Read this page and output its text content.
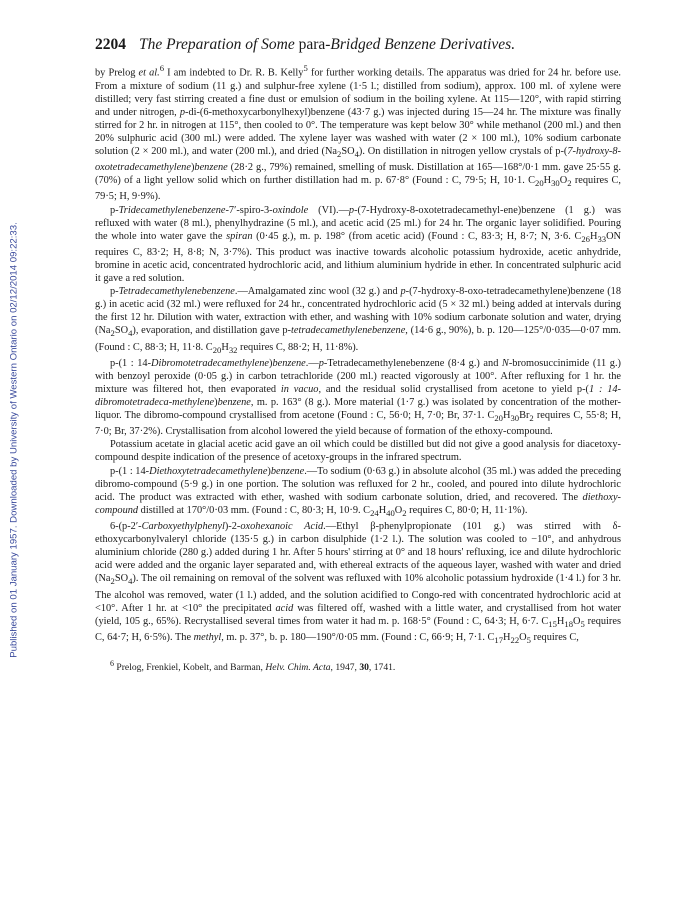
Published on 01 January 1957. Downloaded by University of Western Ontario on 02/12/2014 09:22:33.
2204 The Preparation of Some para-Bridged Benzene Derivatives.

by Prelog et al.$^6$ I am indebted to Dr. R. B. Kelly$^5$ for further working details. The apparatus was dried for 24 hr. before use. From a mixture of sodium (11 g.) and sulphur-free xylene (1·5 l.; distilled from sodium), approx. 100 ml. of xylene were distilled; very fast stirring created a fine dust or emulsion of sodium in the boiling xylene. At 115—120°, with rapid stirring and under nitrogen, p-di-(6-methoxycarbonylhexyl)benzene (43·7 g.) was injected during 15—24 hr. The mixture was finally stirred for 2 hr. in nitrogen at 115°, then cooled to 0°. The temperature was kept below 30° while methanol (200 ml.) and then 20% sulphuric acid (300 ml.) were added. The xylene layer was washed with water (2 × 100 ml.), 10% sodium carbonate solution (2 × 200 ml.), and water (200 ml.), and dried $(Na_2SO_4)$. On distillation in nitrogen yellow crystals of p-(7-hydroxy-8-oxotetradecamethylene)benzene (28·2 g., 79%) remained, smelling of musk. Distillation at 165—168°/0·1 mm. gave 25·55 g. (70%) of a light yellow solid which on further distillation had m. p. 67·8° (Found : C, 79·5; H, 10·1. $C_{20}H_{30}O_2$ requires C, 79·5; H, 9·9%).

p-Tridecamethylenebenzene-7′-spiro-3-oxindole (VI).—p-(7-Hydroxy-8-oxotetradecamethyl-ene)benzene (1 g.) was refluxed with water (8 ml.), phenylhydrazine (5 ml.), and acetic acid (25 ml.) for 24 hr. The organic layer solidified. Pouring the whole into water gave the spiran (0·45 g.), m. p. 198° (from acetic acid) (Found : C, 83·3; H, 8·7; N, 3·6. $C_{26}H_{33}ON$ requires C, 83·2; H, 8·8; N, 3·7%). This product was inactive towards alcoholic potassium hydroxide, acetic anhydride, bromine in acetic acid, concentrated hydrochloric acid, and lithium aluminium hydride in ether. In concentrated sulphuric acid it gave a red solution.

p-Tetradecamethylenebenzene.—Amalgamated zinc wool (32 g.) and p-(7-hydroxy-8-oxo-tetradecamethylene)benzene (18 g.) in acetic acid (32 ml.) were refluxed for 24 hr., concentrated hydrochloric acid (5 × 32 ml.) being added at intervals during the first 12 hr. Dilution with water, extraction with ether, and washing with 10% sodium carbonate solution and water, drying $(Na_2SO_4)$, evaporation, and distillation gave p-tetradecamethylenebenzene, (14·6 g., 90%), b. p. 120—125°/0·035—0·07 mm. (Found : C, 88·3; H, 11·8. $C_{20}H_{32}$ requires C, 88·2; H, 11·8%).

p-(1 : 14-Dibromotetradecamethylene)benzene.—p-Tetradecamethylenebenzene (8·4 g.) and N-bromosuccinimide (11 g.) with benzoyl peroxide (0·05 g.) in carbon tetrachloride (200 ml.) reacted vigorously at 100°. After refluxing for 1 hr. the mixture was filtered hot, then evaporated in vacuo, and the residual solid crystallised from acetone to yield p-(1 : 14-dibromotetradeca-methylene)benzene, m. p. 163° (8 g.). More material (1·7 g.) was isolated by concentration of the mother-liquor. The dibromo-compound crystallised from acetone (Found : C, 56·0; H, 7·0; Br, 37·1. $C_{20}H_{30}Br_2$ requires C, 55·8; H, 7·0; Br, 37·2%). Crystallisation from alcohol lowered the yield because of formation of the ethoxy-compound.

Potassium acetate in glacial acetic acid gave an oil which could be distilled but did not give a good analysis for diacetoxy-compound despite indication of the presence of acetoxy-groups in the infrared spectrum.

p-(1 : 14-Diethoxytetradecamethylene)benzene.—To sodium (0·63 g.) in absolute alcohol (35 ml.) was added the preceding dibromo-compound (5·9 g.) in one portion. The solution was refluxed for 2 hr., cooled, and poured into dilute hydrochloric acid. The product was extracted with ether, washed with sodium carbonate solution, dried, and recovered. The diethoxy-compound distilled at 170°/0·03 mm. (Found : C, 80·3; H, 10·9. $C_{24}H_{40}O_2$ requires C, 80·0; H, 11·1%).

6-(p-2′-Carboxyethylphenyl)-2-oxohexanoic Acid.—Ethyl β-phenylpropionate (101 g.) was stirred with δ-ethoxycarbonylvaleryl chloride (135·5 g.) in carbon disulphide (1·2 l.). The solution was cooled to −10°, and anhydrous aluminium chloride (280 g.) added during 1 hr. After 5 hours' stirring at 0° and 18 hours' refluxing, ice and dilute hydrochloric acid were added and the organic layer separated and, with ethereal extracts of the aqueous layer, washed with water and dried $(Na_2SO_4)$. The oil remaining on removal of the solvent was refluxed with 10% alcoholic potassium hydroxide (1·4 l.) for 3 hr. The alcohol was removed, water (1 l.) added, and the solution acidified to Congo-red with concentrated hydrochloric acid at <10°. After 1 hr. at <10° the precipitated acid was filtered off, washed with a little water, and crystallised from hot water (yield, 105 g., 65%). Recrystallised several times from water it had m. p. 168·5° (Found : C, 64·3; H, 6·7. $C_{15}H_{18}O_5$ requires C, 64·7; H, 6·5%). The methyl, m. p. 37°, b. p. 180—190°/0·05 mm. (Found : C, 66·9; H, 7·1. $C_{17}H_{22}O_5$ requires C,

$^6$ Prelog, Frenkiel, Kobelt, and Barman, Helv. Chim. Acta, 1947, 30, 1741.
